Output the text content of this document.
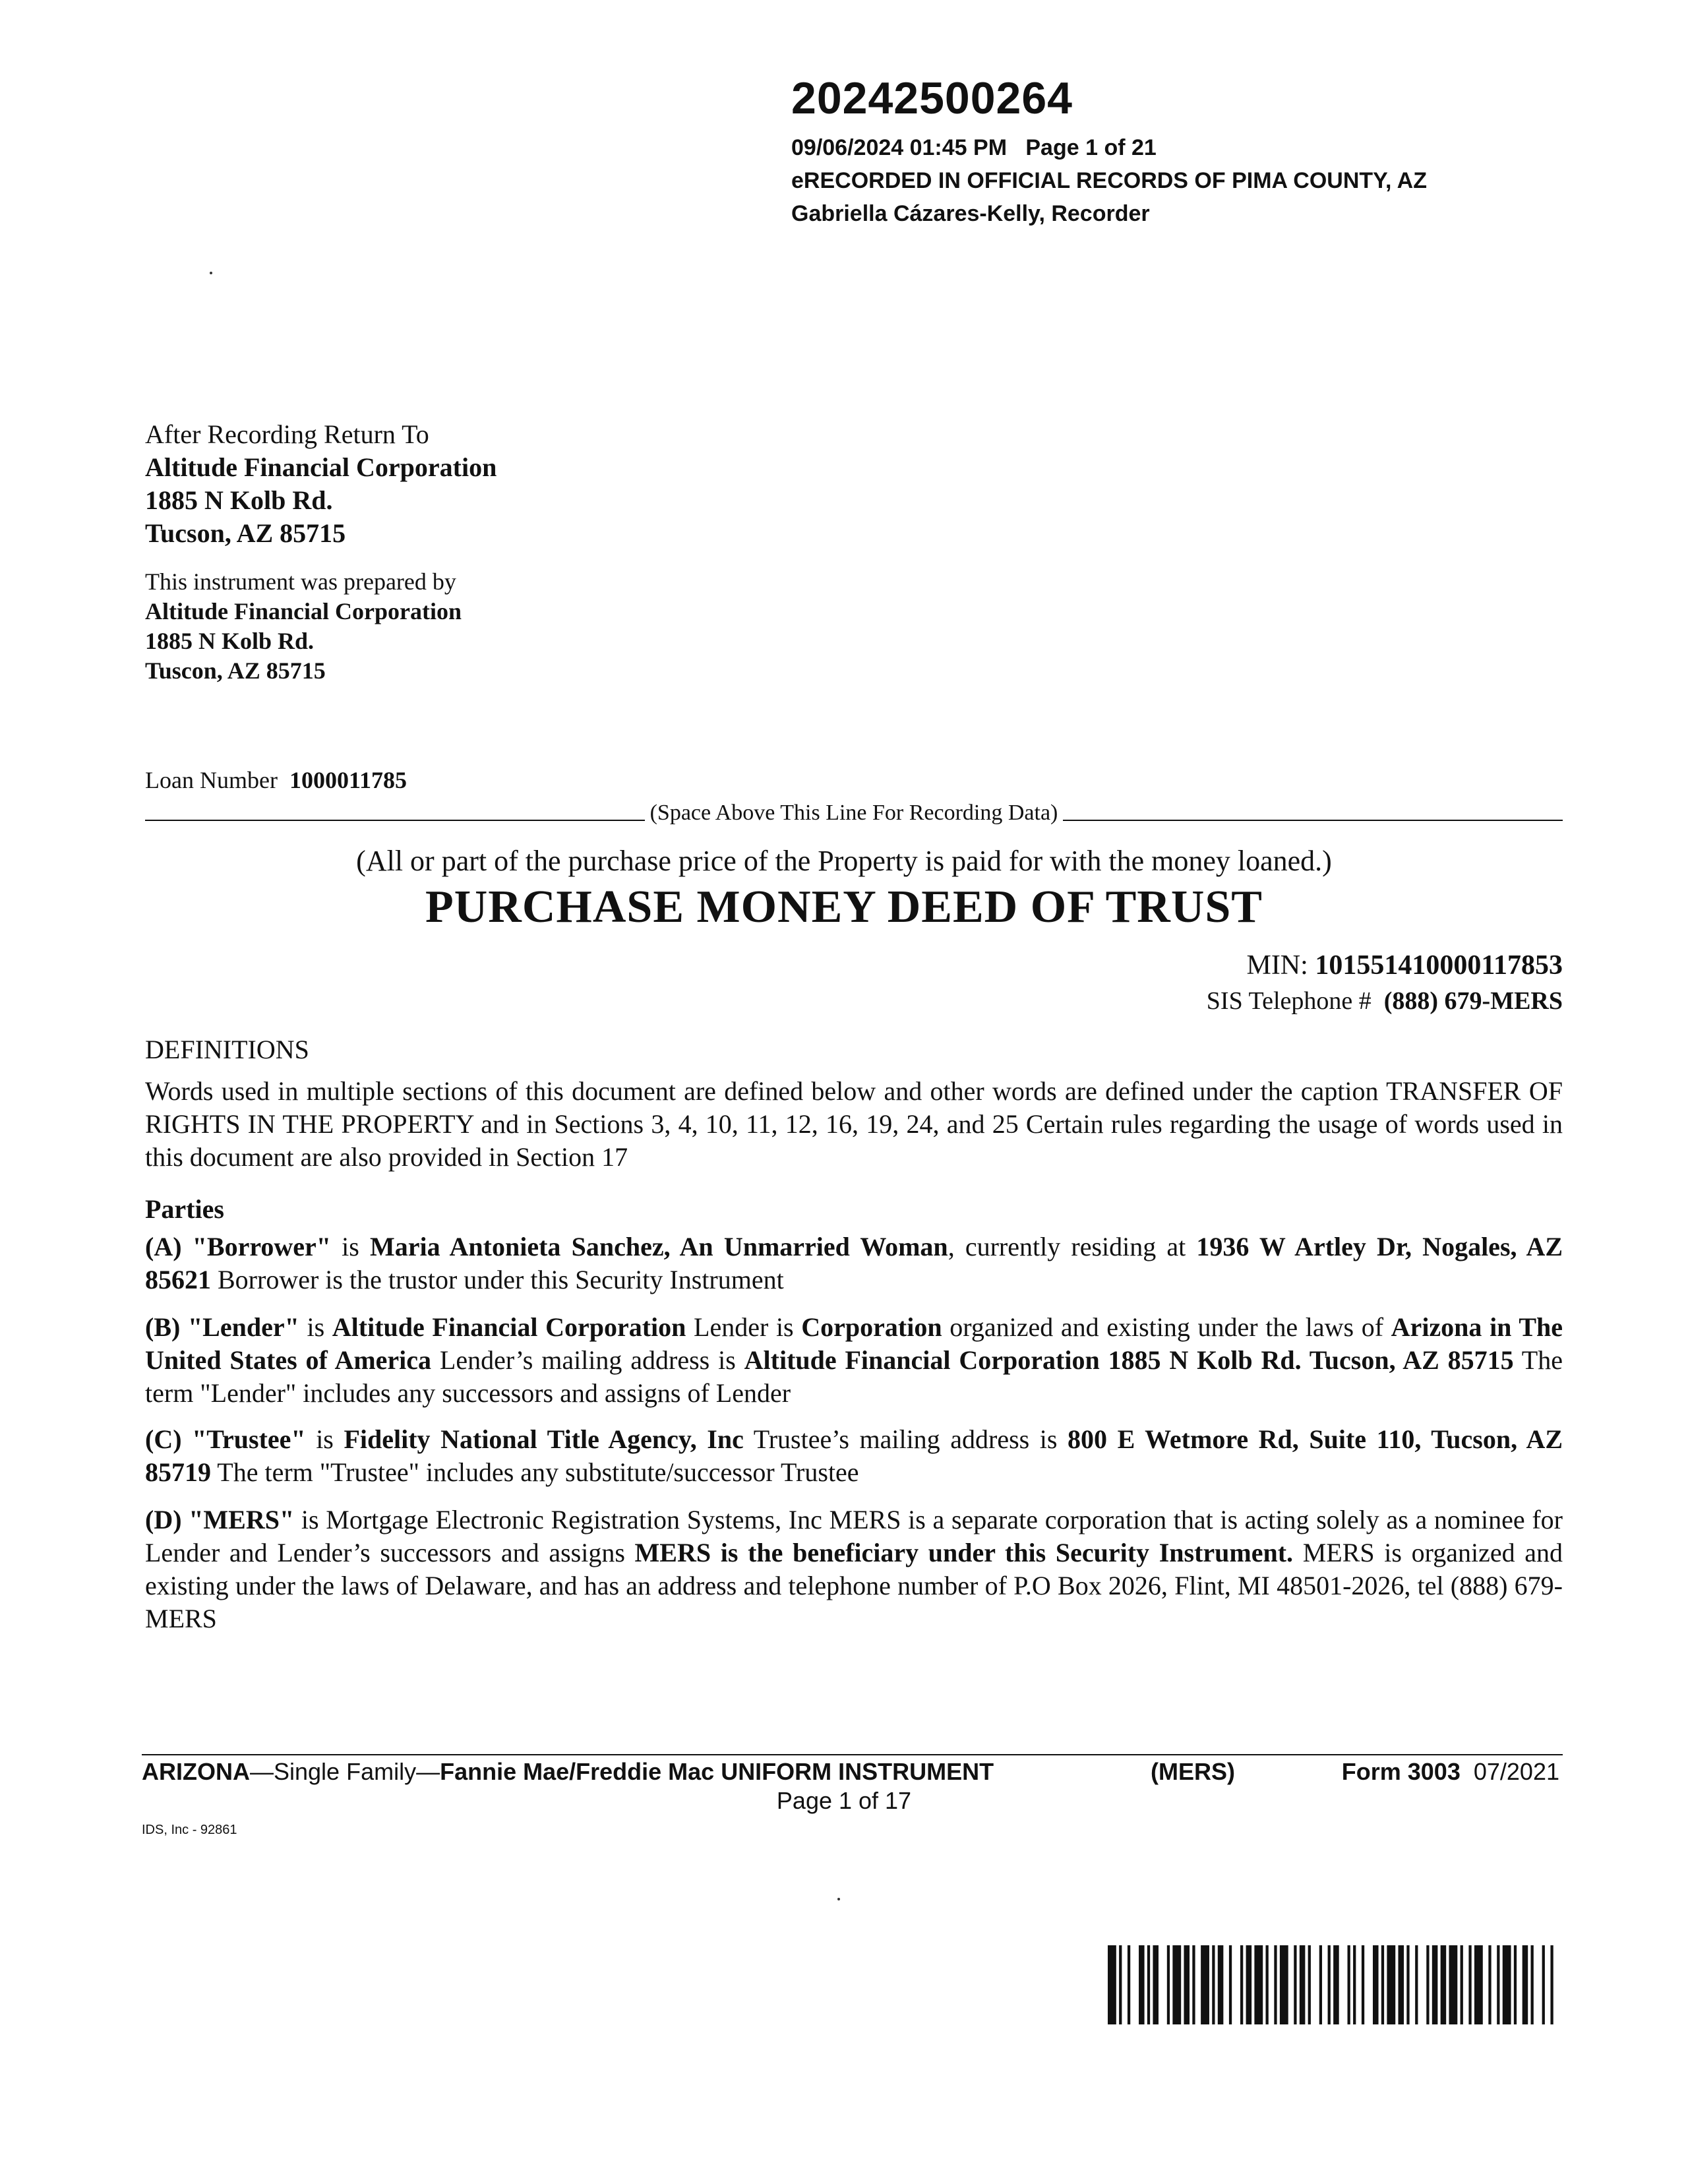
20242500264
09/06/2024 01:45 PM Page 1 of 21
eRECORDED IN OFFICIAL RECORDS OF PIMA COUNTY, AZ
Gabriella Cázares-Kelly, Recorder
After Recording Return To
Altitude Financial Corporation
1885 N Kolb Rd.
Tucson, AZ 85715
This instrument was prepared by
Altitude Financial Corporation
1885 N Kolb Rd.
Tuscon, AZ 85715
Loan Number 1000011785
(Space Above This Line For Recording Data)
(All or part of the purchase price of the Property is paid for with the money loaned.)
PURCHASE MONEY DEED OF TRUST
MIN: 1015514100001178​53
SIS Telephone # (888) 679-MERS
DEFINITIONS
Words used in multiple sections of this document are defined below and other words are defined under the caption TRANSFER OF RIGHTS IN THE PROPERTY and in Sections 3, 4, 10, 11, 12, 16, 19, 24, and 25 Certain rules regarding the usage of words used in this document are also provided in Section 17
Parties
(A) "Borrower" is Maria Antonieta Sanchez, An Unmarried Woman, currently residing at 1936 W Artley Dr, Nogales, AZ 85621 Borrower is the trustor under this Security Instrument
(B) "Lender" is Altitude Financial Corporation Lender is Corporation organized and existing under the laws of Arizona in The United States of America Lender’s mailing address is Altitude Financial Corporation 1885 N Kolb Rd. Tucson, AZ 85715 The term "Lender" includes any successors and assigns of Lender
(C) "Trustee" is Fidelity National Title Agency, Inc Trustee’s mailing address is 800 E Wetmore Rd, Suite 110, Tucson, AZ 85719 The term "Trustee" includes any substitute/successor Trustee
(D) "MERS" is Mortgage Electronic Registration Systems, Inc MERS is a separate corporation that is acting solely as a nominee for Lender and Lender’s successors and assigns MERS is the beneficiary under this Security Instrument. MERS is organized and existing under the laws of Delaware, and has an address and telephone number of P.O Box 2026, Flint, MI 48501-2026, tel (888) 679-MERS
ARIZONA—Single Family—Fannie Mae/Freddie Mac UNIFORM INSTRUMENT	(MERS)	Form 3003 07/2021
Page 1 of 17
IDS, Inc - 92861
